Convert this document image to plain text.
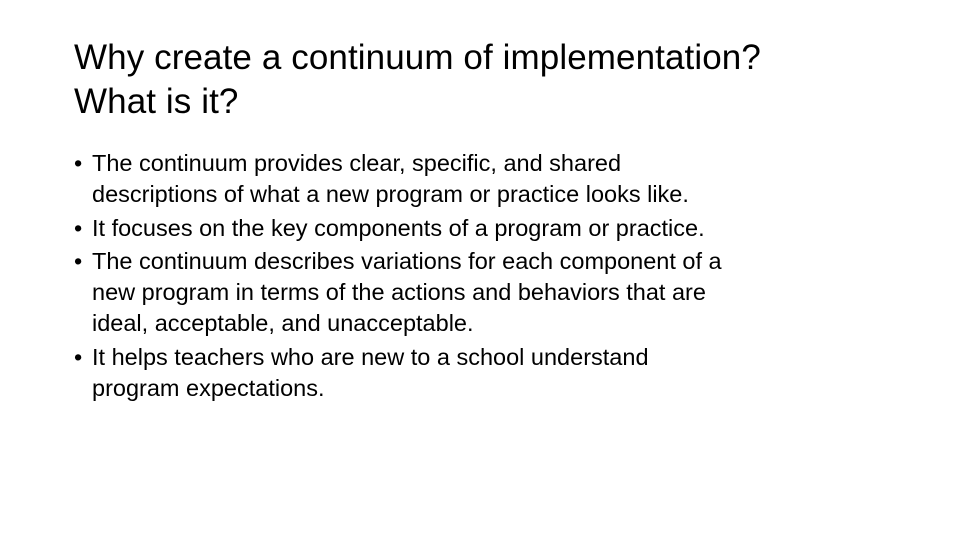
Why create a continuum of implementation?
What is it?
• The continuum provides clear, specific, and shared
descriptions of what a new program or practice looks like.
• It focuses on the key components of a program or practice.
• The continuum describes variations for each component of a
new program in terms of the actions and behaviors that are
ideal, acceptable, and unacceptable.
• It helps teachers who are new to a school understand
program expectations.
